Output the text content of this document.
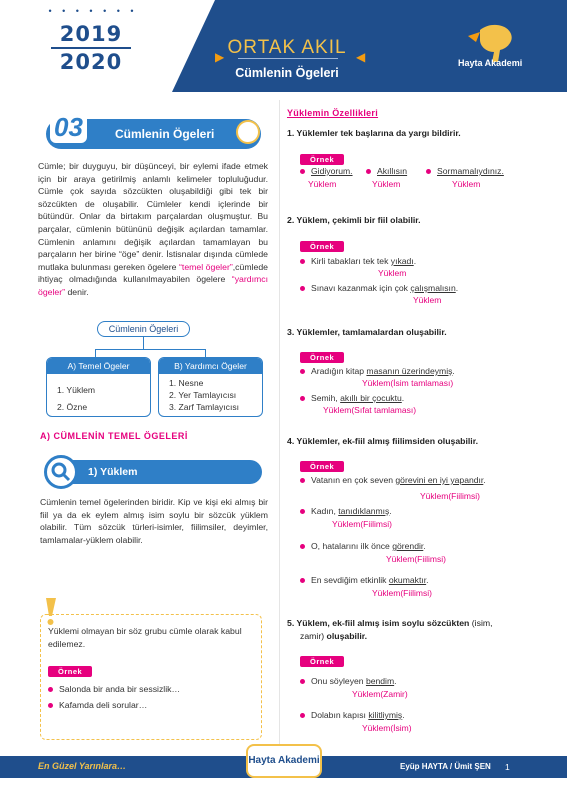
• • • • • • •
2019
2020	▶ ORTAK AKIL
Cümlenin Ögeleri
◀	Hayta Akademi
03	Cümlenin Ögeleri
Cümle; bir duyguyu, bir düşünceyi, bir eylemi ifade etmek için bir araya getirilmiş anlamlı kelimeler topluluğudur. Cümle çok sayıda sözcükten oluşabildiği gibi tek bir sözcükten de oluşabilir. Cümleler kendi içlerinde bir bütündür. Onlar da birtakım parçalardan oluşmuştur. Bu parçalar, cümlenin bütününü değişik açılardan tamamlar. Cümlenin anlamını değişik açılardan tamamlayan bu parçaların her birine “öge” denir. İstisnalar dışında cümlede mutlaka bulunması gereken ögelere “temel ögeler”,cümlede ihtiyaç olmadığında kullanılmayabilen ögelere “yardımcı ögeler” denir.
Cümlenin Ögeleri
A) Temel Ögeler
1. Yüklem
2. Özne
B) Yardımcı Ögeler
1. Nesne
2. Yer Tamlayıcısı
3. Zarf Tamlayıcısı
A) CÜMLENİN TEMEL ÖGELERİ
1) Yüklem
Cümlenin temel ögelerinden biridir. Kip ve kişi eki almış bir fiil ya da ek eylem almış isim soylu bir sözcük yüklem olabilir. Tüm sözcük türleri-isimler, fiilimsiler, deyimler, tamlamalar-yüklem olabilir.
Yüklemi olmayan bir söz grubu cümle olarak kabul edilemez.
Örnek
Salonda bir anda bir sessizlik…
Kafamda deli sorular…
Yüklemin Özellikleri
1. Yüklemler tek başlarına da yargı bildirir.
Örnek
Gidiyorum.	Akıllısın	Sormamalıydınız.
Yüklem	Yüklem	Yüklem
2. Yüklem, çekimli bir fiil olabilir.
Örnek
Kirli tabakları tek tek yıkadı.
Yüklem
Sınavı kazanmak için çok çalışmalısın.
Yüklem
3. Yüklemler, tamlamalardan oluşabilir.
Örnek
Aradığın kitap masanın üzerindeymiş.
Yüklem(İsim tamlaması)
Semih, akıllı bir çocuktu.
Yüklem(Sıfat tamlaması)
4. Yüklemler, ek-fiil almış fiilimsiden oluşabilir.
Örnek
Vatanın en çok seven görevini en iyi yapandır.
Yüklem(Fiilimsi)
Kadın, tanıdıklanmış.
Yüklem(Fiilimsi)
O, hatalarını ilk önce görendir.
Yüklem(Fiilimsi)
En sevdiğim etkinlik okumaktır.
Yüklem(Fiilimsi)
5. Yüklem, ek-fiil almış isim soylu sözcükten (isim,
zamir) oluşabilir.
Örnek
Onu söyleyen bendim.
Yüklem(Zamir)
Dolabın kapısı kilitliymiş.
Yüklem(İsim)
En Güzel Yarınlara…	Hayta Akademi
Eyüp HAYTA / Ümit ŞEN 1
